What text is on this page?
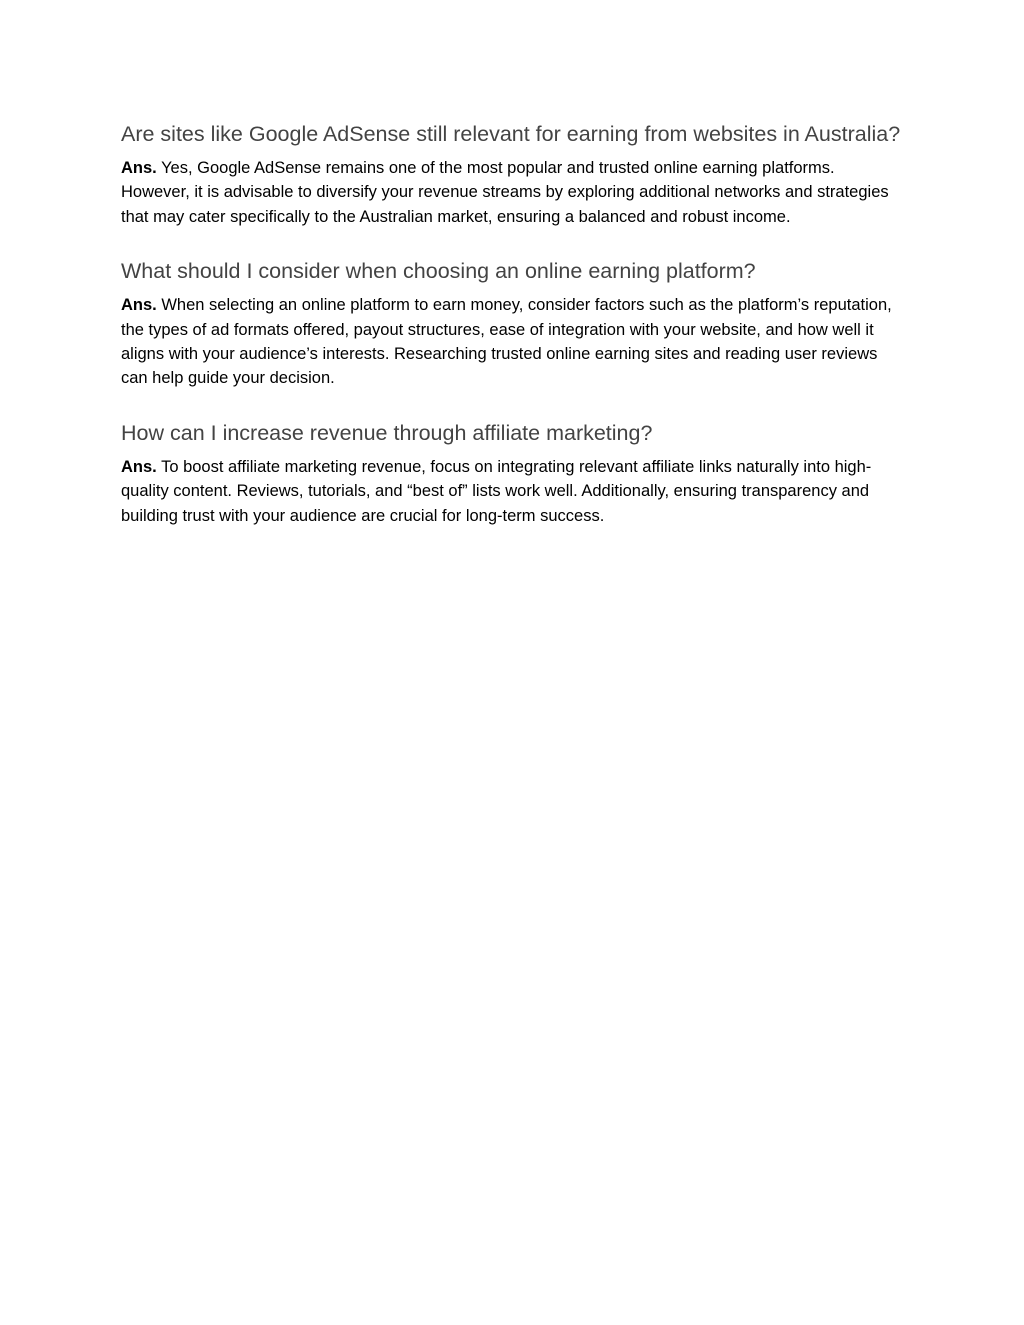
Are sites like Google AdSense still relevant for earning from websites in Australia?

Ans. Yes, Google AdSense remains one of the most popular and trusted online earning platforms. However, it is advisable to diversify your revenue streams by exploring additional networks and strategies that may cater specifically to the Australian market, ensuring a balanced and robust income.

What should I consider when choosing an online earning platform?

Ans. When selecting an online platform to earn money, consider factors such as the platform’s reputation, the types of ad formats offered, payout structures, ease of integration with your website, and how well it aligns with your audience’s interests. Researching trusted online earning sites and reading user reviews can help guide your decision.

How can I increase revenue through affiliate marketing?

Ans. To boost affiliate marketing revenue, focus on integrating relevant affiliate links naturally into high-quality content. Reviews, tutorials, and “best of” lists work well. Additionally, ensuring transparency and building trust with your audience are crucial for long-term success.
